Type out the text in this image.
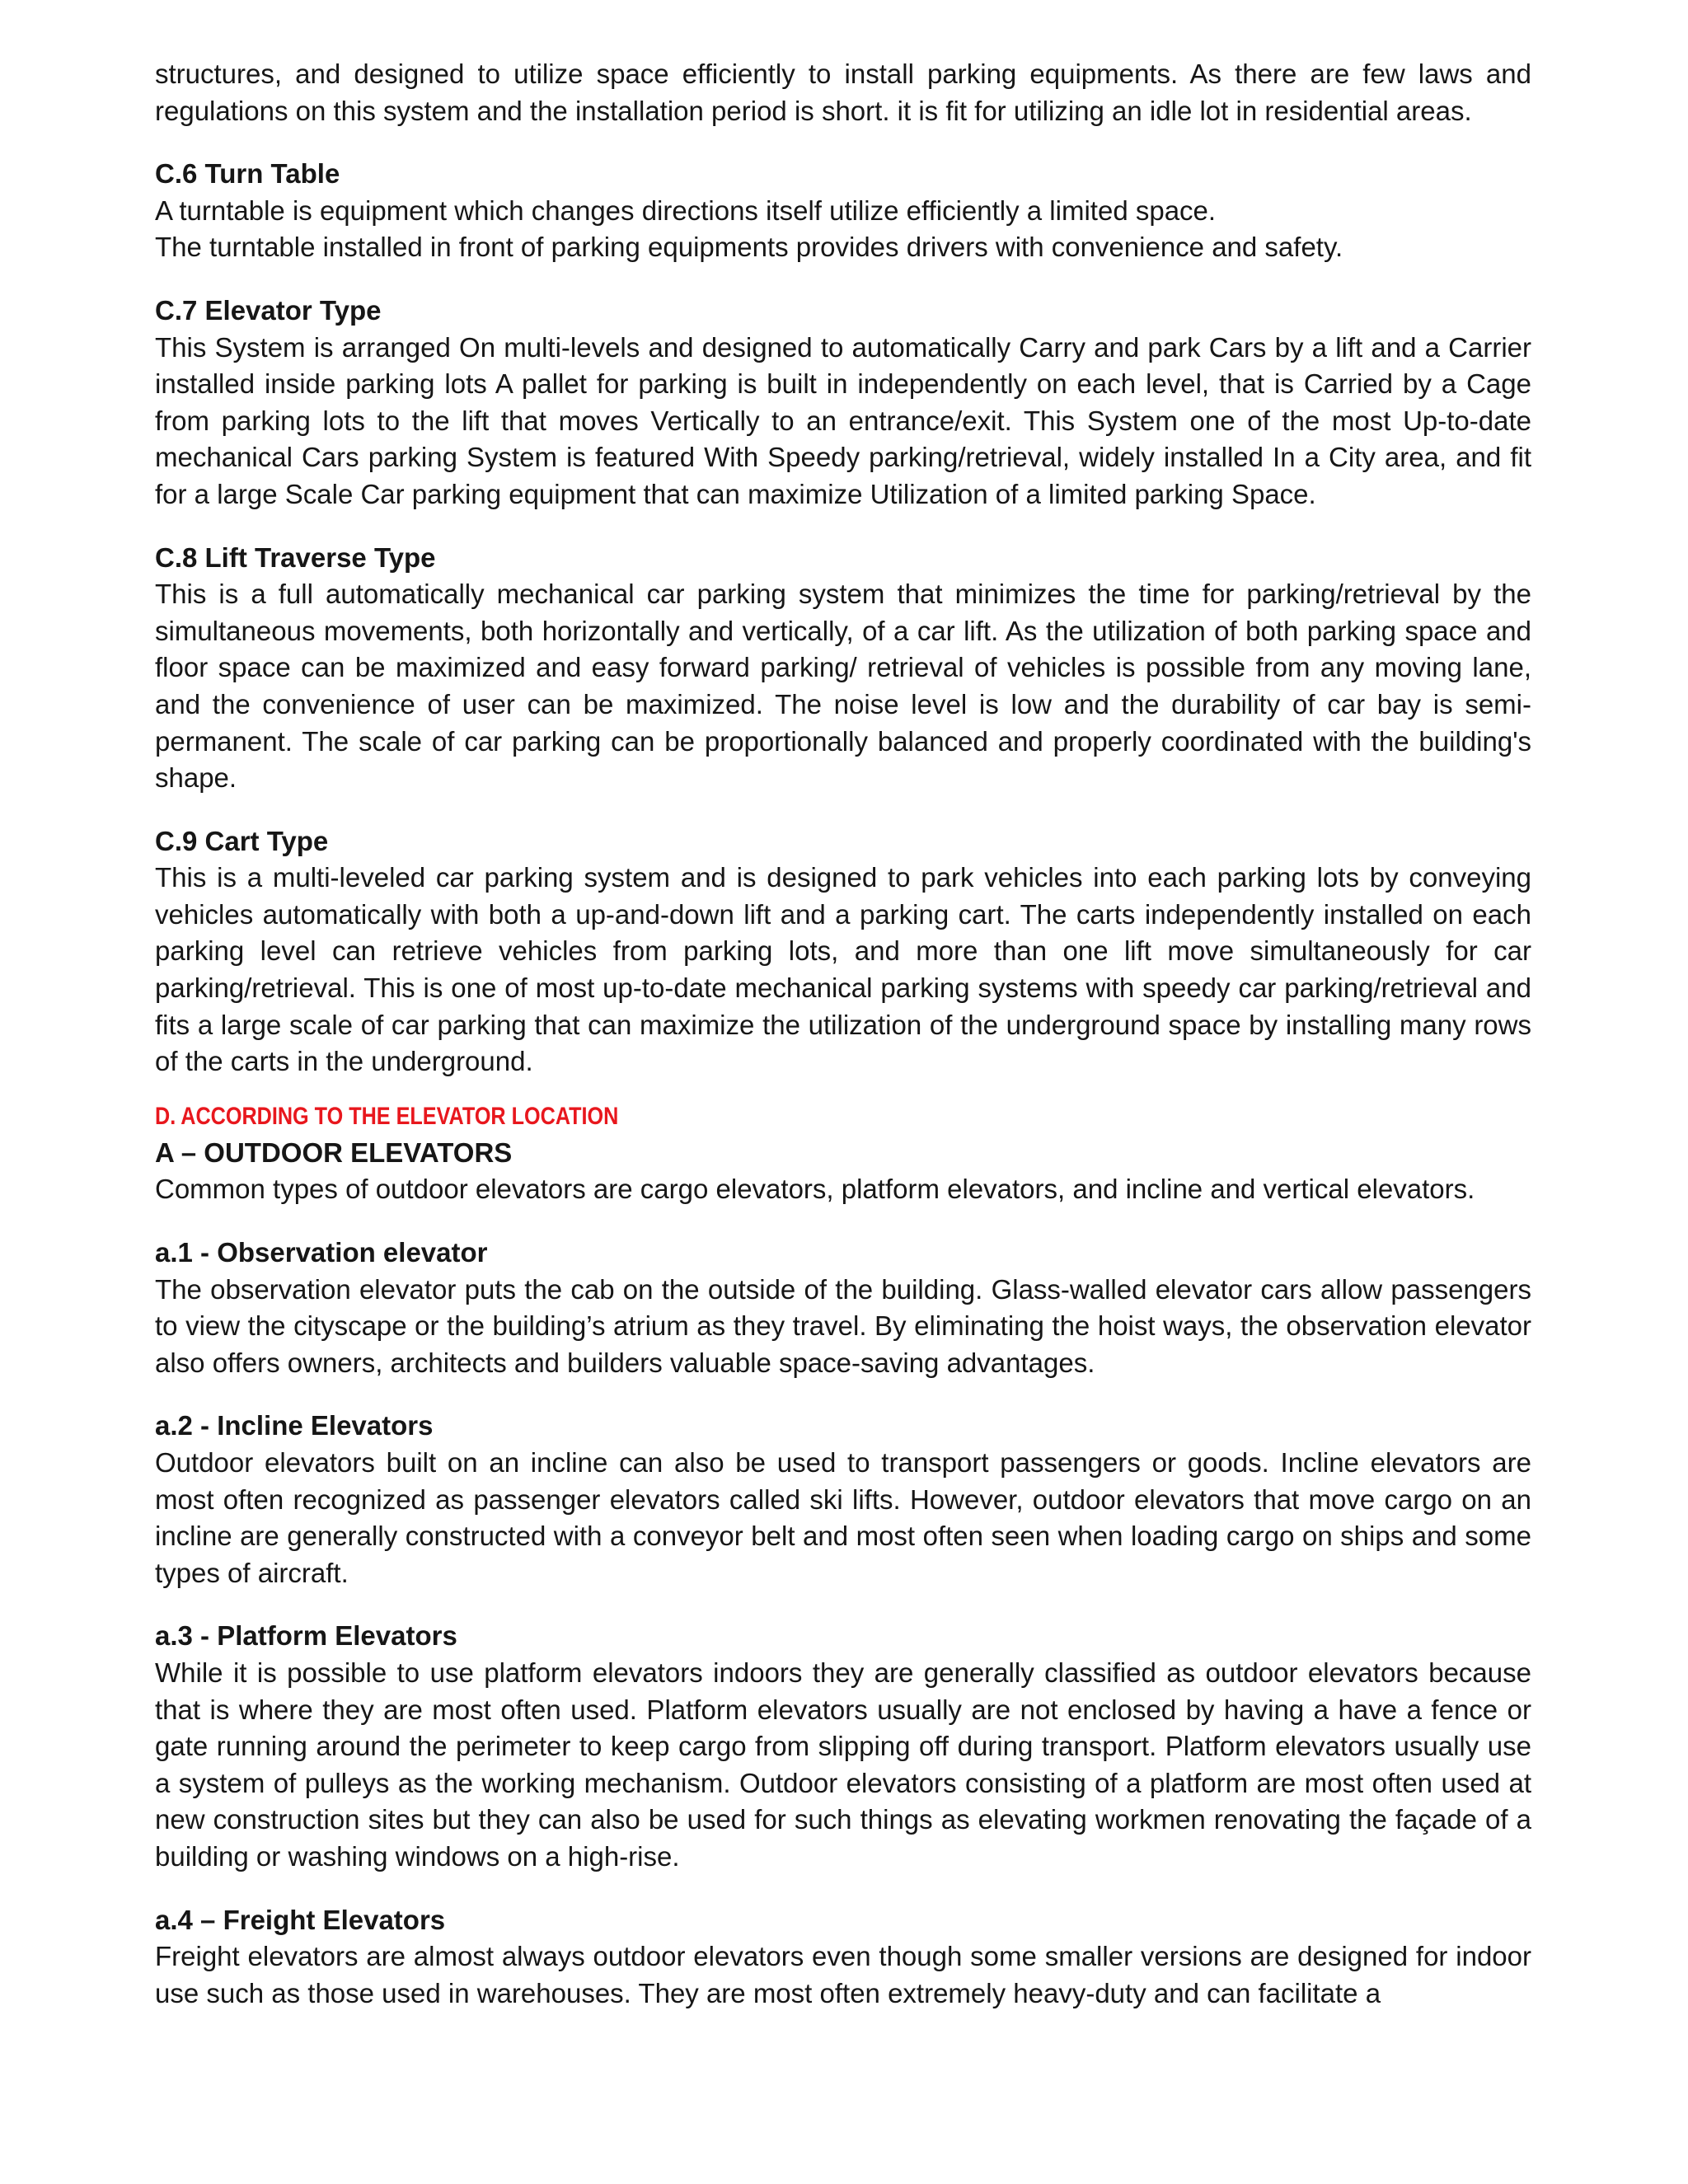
structures, and designed to utilize space efficiently to install parking equipments. As there are few laws and regulations on this system and the installation period is short. it is fit for utilizing an idle lot in residential areas.

C.6 Turn Table

A turntable is equipment which changes directions itself utilize efficiently a limited space.

The turntable installed in front of parking equipments provides drivers with convenience and safety.

C.7 Elevator Type

This System is arranged On multi-levels and designed to automatically Carry and park Cars by a lift and a Carrier installed inside parking lots A pallet for parking is built in independently on each level, that is Carried by a Cage from parking lots to the lift that moves Vertically to an entrance/exit. This System one of the most Up-to-date mechanical Cars parking System is featured With Speedy parking/retrieval, widely installed In a City area, and fit for a large Scale Car parking equipment that can maximize Utilization of a limited parking Space.

C.8 Lift Traverse Type

This is a full automatically mechanical car parking system that minimizes the time for parking/retrieval by the simultaneous movements, both horizontally and vertically, of a car lift. As the utilization of both parking space and floor space can be maximized and easy forward parking/ retrieval of vehicles is possible from any moving lane, and the convenience of user can be maximized. The noise level is low and the durability of car bay is semi-permanent. The scale of car parking can be proportionally balanced and properly coordinated with the building's shape.

C.9 Cart Type

This is a multi-leveled car parking system and is designed to park vehicles into each parking lots by conveying vehicles automatically with both a up-and-down lift and a parking cart. The carts independently installed on each parking level can retrieve vehicles from parking lots, and more than one lift move simultaneously for car parking/retrieval. This is one of most up-to-date mechanical parking systems with speedy car parking/retrieval and fits a large scale of car parking that can maximize the utilization of the underground space by installing many rows of the carts in the underground.

D. ACCORDING TO THE ELEVATOR LOCATION

A – OUTDOOR ELEVATORS

Common types of outdoor elevators are cargo elevators, platform elevators, and incline and vertical elevators.

a.1 - Observation elevator

The observation elevator puts the cab on the outside of the building. Glass-walled elevator cars allow passengers to view the cityscape or the building’s atrium as they travel. By eliminating the hoist ways, the observation elevator also offers owners, architects and builders valuable space-saving advantages.

a.2 - Incline Elevators

Outdoor elevators built on an incline can also be used to transport passengers or goods. Incline elevators are most often recognized as passenger elevators called ski lifts. However, outdoor elevators that move cargo on an incline are generally constructed with a conveyor belt and most often seen when loading cargo on ships and some types of aircraft.

a.3 - Platform Elevators

While it is possible to use platform elevators indoors they are generally classified as outdoor elevators because that is where they are most often used. Platform elevators usually are not enclosed by having a have a fence or gate running around the perimeter to keep cargo from slipping off during transport. Platform elevators usually use a system of pulleys as the working mechanism. Outdoor elevators consisting of a platform are most often used at new construction sites but they can also be used for such things as elevating workmen renovating the façade of a building or washing windows on a high-rise.

a.4 – Freight Elevators

Freight elevators are almost always outdoor elevators even though some smaller versions are designed for indoor use such as those used in warehouses. They are most often extremely heavy-duty and can facilitate a
